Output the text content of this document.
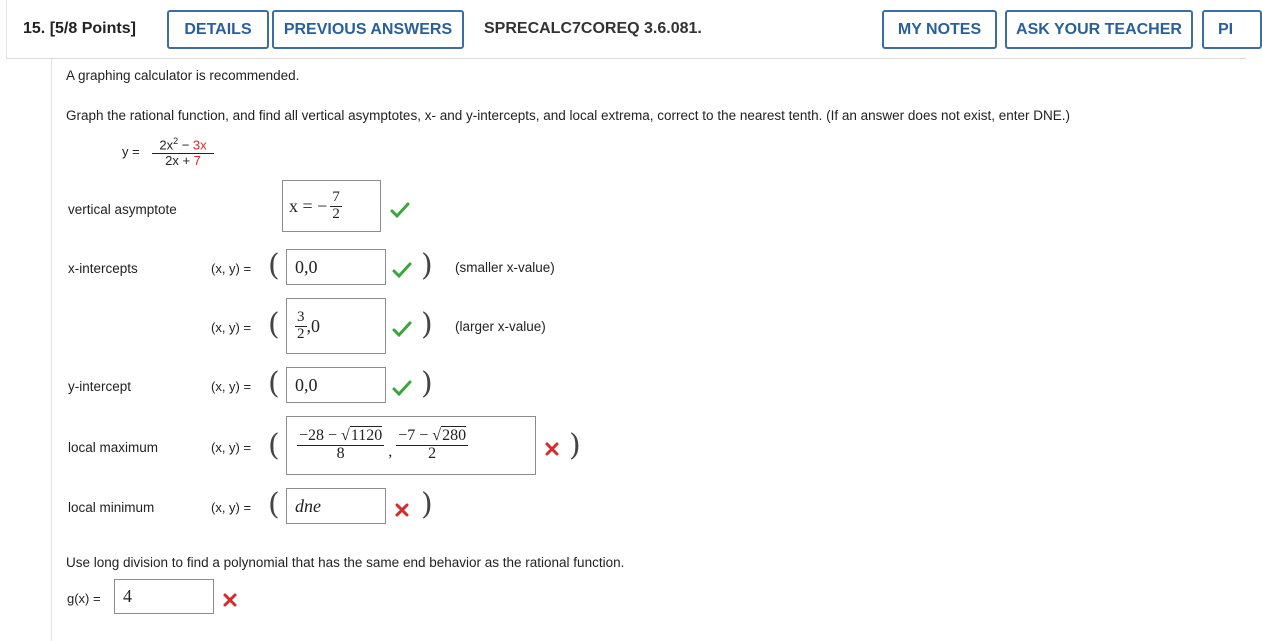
15. [5/8 Points]	DETAILS PREVIOUS ANSWERS SPRECALC7COREQ 3.6.081.	MY NOTES ASK YOUR TEACHER PI
A graphing calculator is recommended.
Graph the rational function, and find all vertical asymptotes, x- and y-intercepts, and local extrema, correct to the nearest tenth. (If an answer does not exist, enter DNE.)
y =	$2x^2 - 3x$
2x + 7
vertical asymptote	x = − $\frac{7}{2}$
x-intercepts	(x, y) = ( 0,0	) (smaller x-value)
(x, y) = ( $\frac{3}{2} ,0$	) (larger x-value)
y-intercept	(x, y) = ( 0,0	)
local maximum	(x, y) = ( $\frac{-28 - √1120}{8}$ , $\frac{-7 - √280}{2}$	)
local minimum	(x, y) = ( dne	)
Use long division to find a polynomial that has the same end behavior as the rational function.
g(x) =	4
